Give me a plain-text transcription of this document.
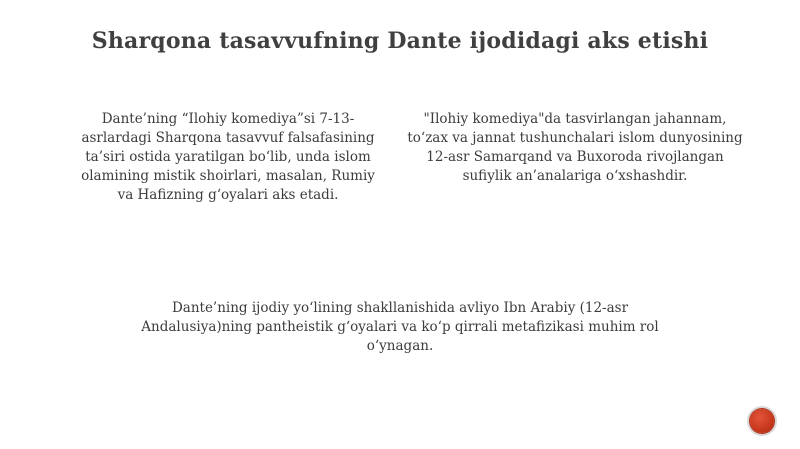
Sharqona tasavvufning Dante ijodidagi aks etishi
Dante’ning “Ilohiy komediya”si 7-13-asrlardagi Sharqona tasavvuf falsafasining ta’siri ostida yaratilgan boʻlib, unda islom olamining mistik shoirlari, masalan, Rumiy va Hafizning gʻoyalari aks etadi.
"Ilohiy komediya"da tasvirlangan jahannam, toʻzax va jannat tushunchalari islom dunyosining 12-asr Samarqand va Buxoroda rivojlangan sufiylik an’analariga oʻxshashdir.
Dante’ning ijodiy yoʻlining shakllanishida avliyo Ibn Arabiy (12-asr Andalusiya)ning pantheistik gʻoyalari va koʻp qirrali metafizikasi muhim rol oʻynagan.
